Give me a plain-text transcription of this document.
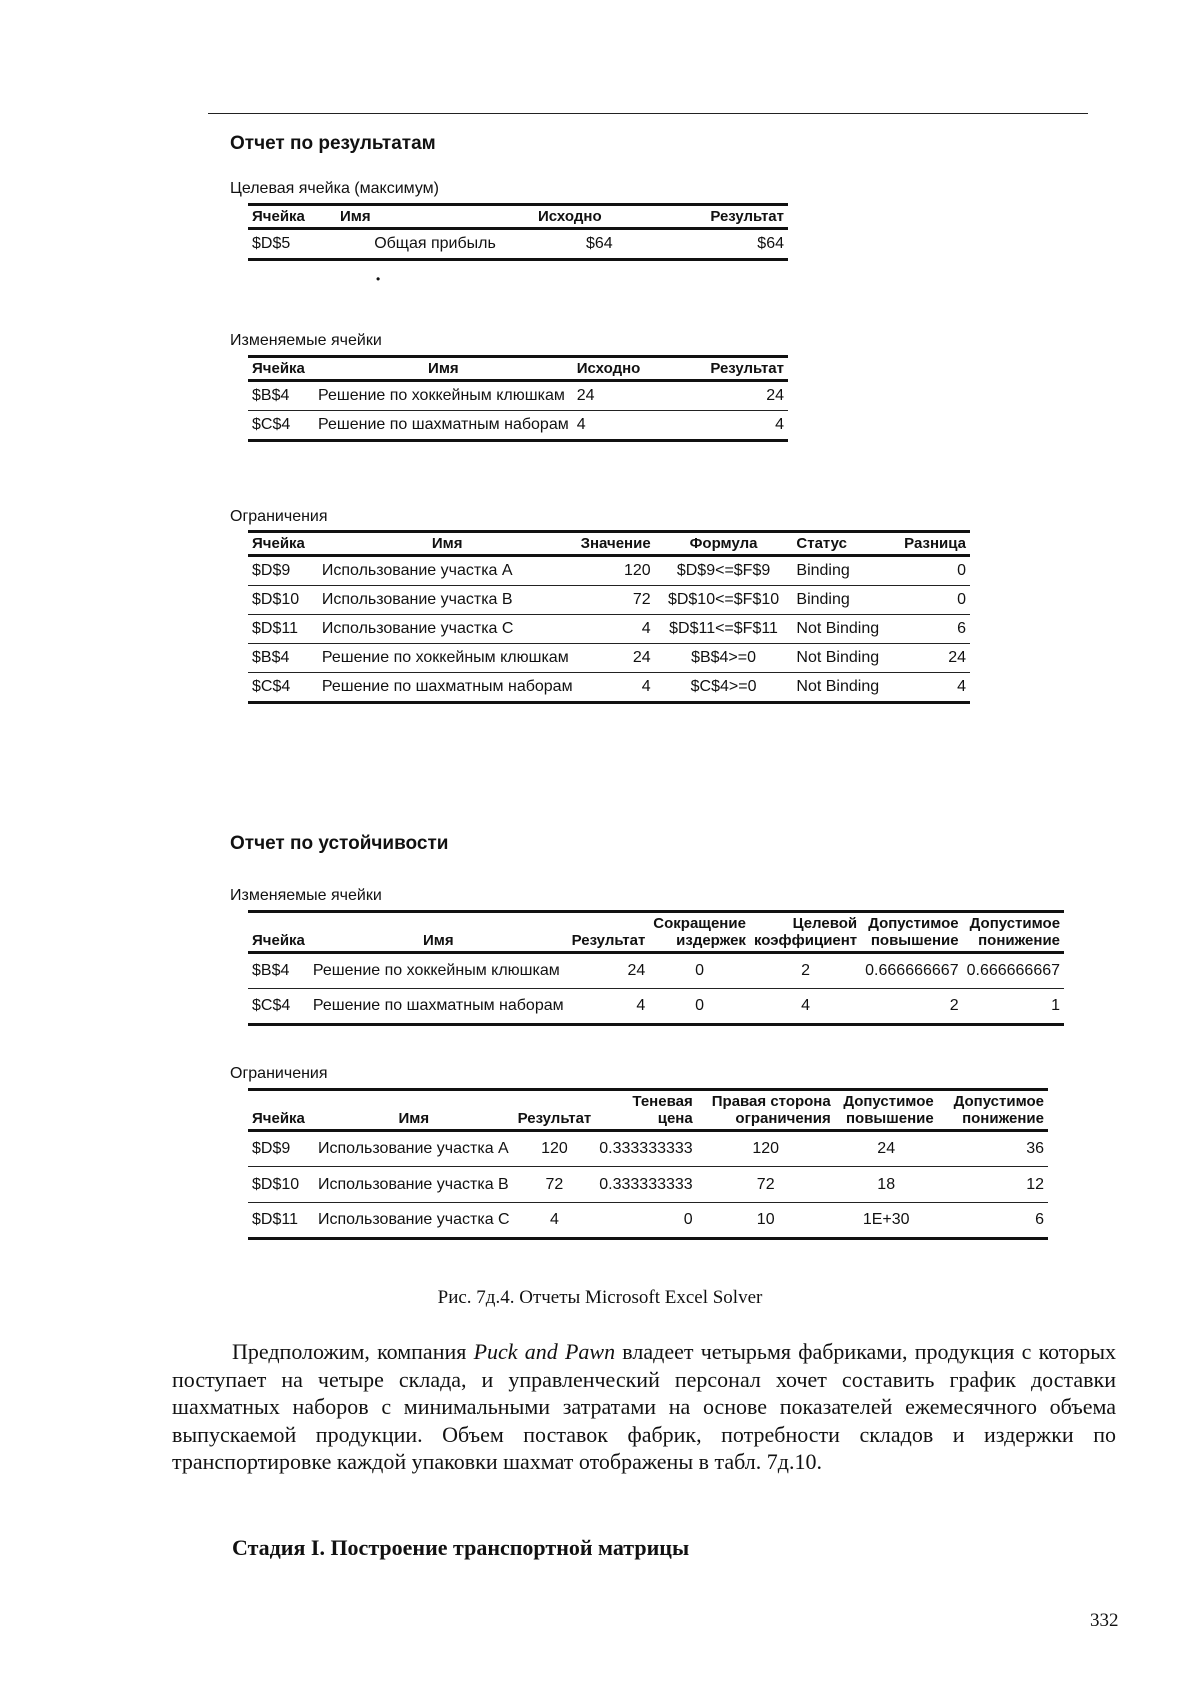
Отчет по результатам
Целевая ячейка (максимум)
Ячейка	Имя	Исходно	Результат
$D$5	Общая прибыль	$64	$64
•
Изменяемые ячейки
Ячейка	Имя	Исходно	Результат
$B$4	Решение по хоккейным клюшкам	24	24
$C$4	Решение по шахматным наборам	4	4
Ограничения
Ячейка	Имя	Значение	Формула	Статус	Разница
$D$9	Использование участка A	120	$D$9<=$F$9	Binding	0
$D$10	Использование участка B	72	$D$10<=$F$10	Binding	0
$D$11	Использование участка C	4	$D$11<=$F$11	Not Binding	6
$B$4	Решение по хоккейным клюшкам	24	$B$4>=0	Not Binding	24
$C$4	Решение по шахматным наборам	4	$C$4>=0	Not Binding	4
Отчет по устойчивости
Изменяемые ячейки
Ячейка	Имя	Результат	Сокращение издержек	Целевой коэффициент	Допустимое повышение	Допустимое понижение
$B$4	Решение по хоккейным клюшкам	24	0	2	0.666666667	0.666666667
$C$4	Решение по шахматным наборам	4	0	4	2	1
Ограничения
Ячейка	Имя	Результат	Теневая цена	Правая сторона ограничения	Допустимое повышение	Допустимое понижение
$D$9	Использование участка A	120	0.333333333	120	24	36
$D$10	Использование участка B	72	0.333333333	72	18	12
$D$11	Использование участка C	4	0	10	1E+30	6
Рис. 7д.4. Отчеты Microsoft Excel Solver
Предположим, компания Puck and Pawn владеет четырьмя фабриками, продукция с которых поступает на четыре склада, и управленческий персонал хочет составить график доставки шахматных наборов с минимальными затратами на основе показателей ежемесячного объема выпускаемой продукции. Объем поставок фабрик, потребности складов и издержки по транспортировке каждой упаковки шахмат отображены в табл. 7д.10.
Стадия I. Построение транспортной матрицы
332
